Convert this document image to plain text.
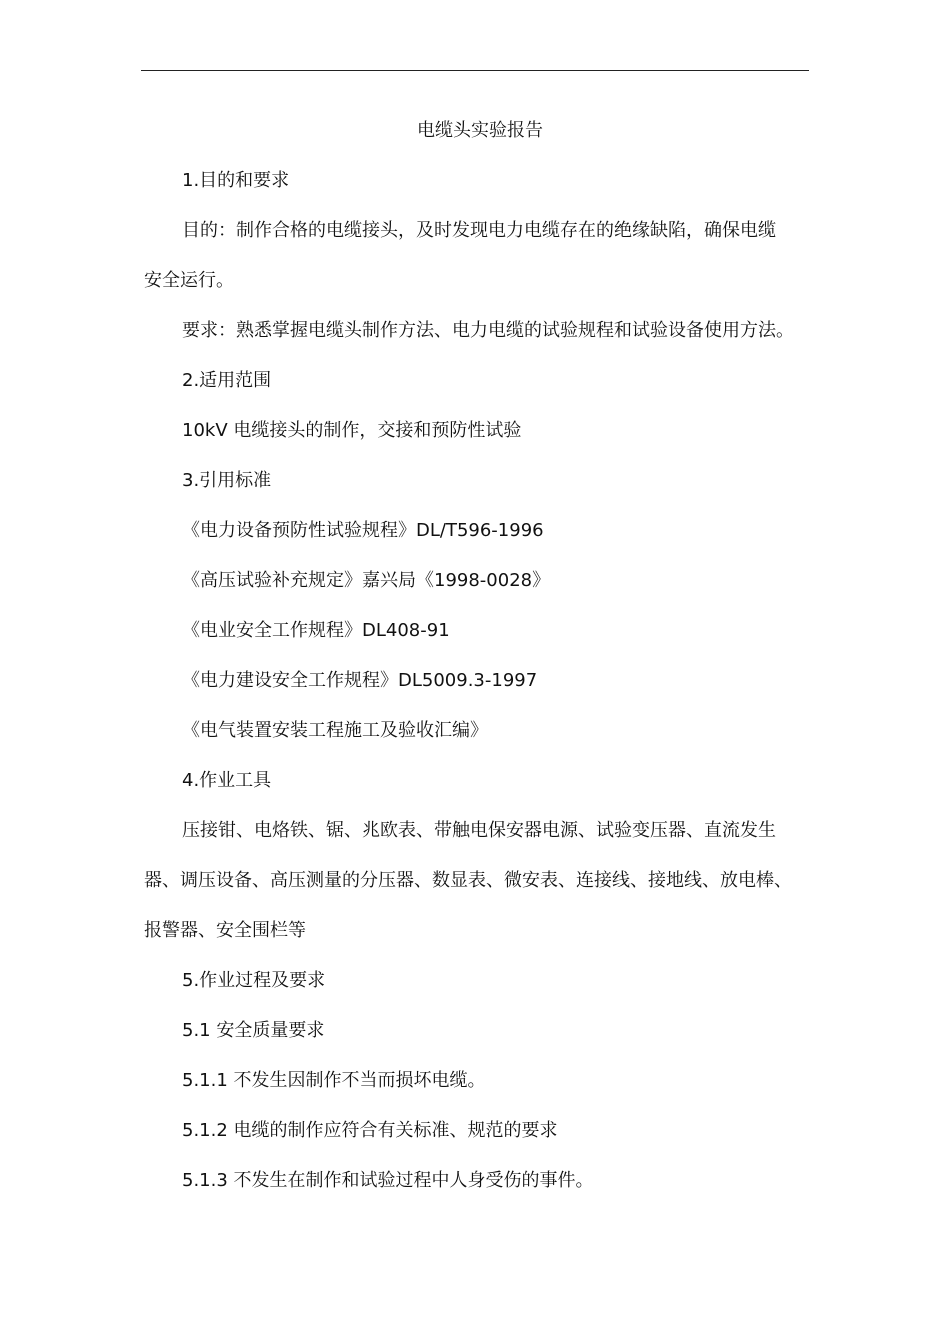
电缆头实验报告

1.目的和要求

目的：制作合格的电缆接头，及时发现电力电缆存在的绝缘缺陷，确保电缆

安全运行。

要求：熟悉掌握电缆头制作方法、电力电缆的试验规程和试验设备使用方法。

2.适用范围

10kV 电缆接头的制作，交接和预防性试验

3.引用标准

《电力设备预防性试验规程》DL/T596-1996

《高压试验补充规定》嘉兴局《1998-0028》

《电业安全工作规程》DL408-91

《电力建设安全工作规程》DL5009.3-1997

《电气装置安装工程施工及验收汇编》

4.作业工具

压接钳、电烙铁、锯、兆欧表、带触电保安器电源、试验变压器、直流发生

器、调压设备、高压测量的分压器、数显表、微安表、连接线、接地线、放电棒、

报警器、安全围栏等

5.作业过程及要求

5.1 安全质量要求

5.1.1 不发生因制作不当而损坏电缆。

5.1.2 电缆的制作应符合有关标准、规范的要求

5.1.3 不发生在制作和试验过程中人身受伤的事件。
